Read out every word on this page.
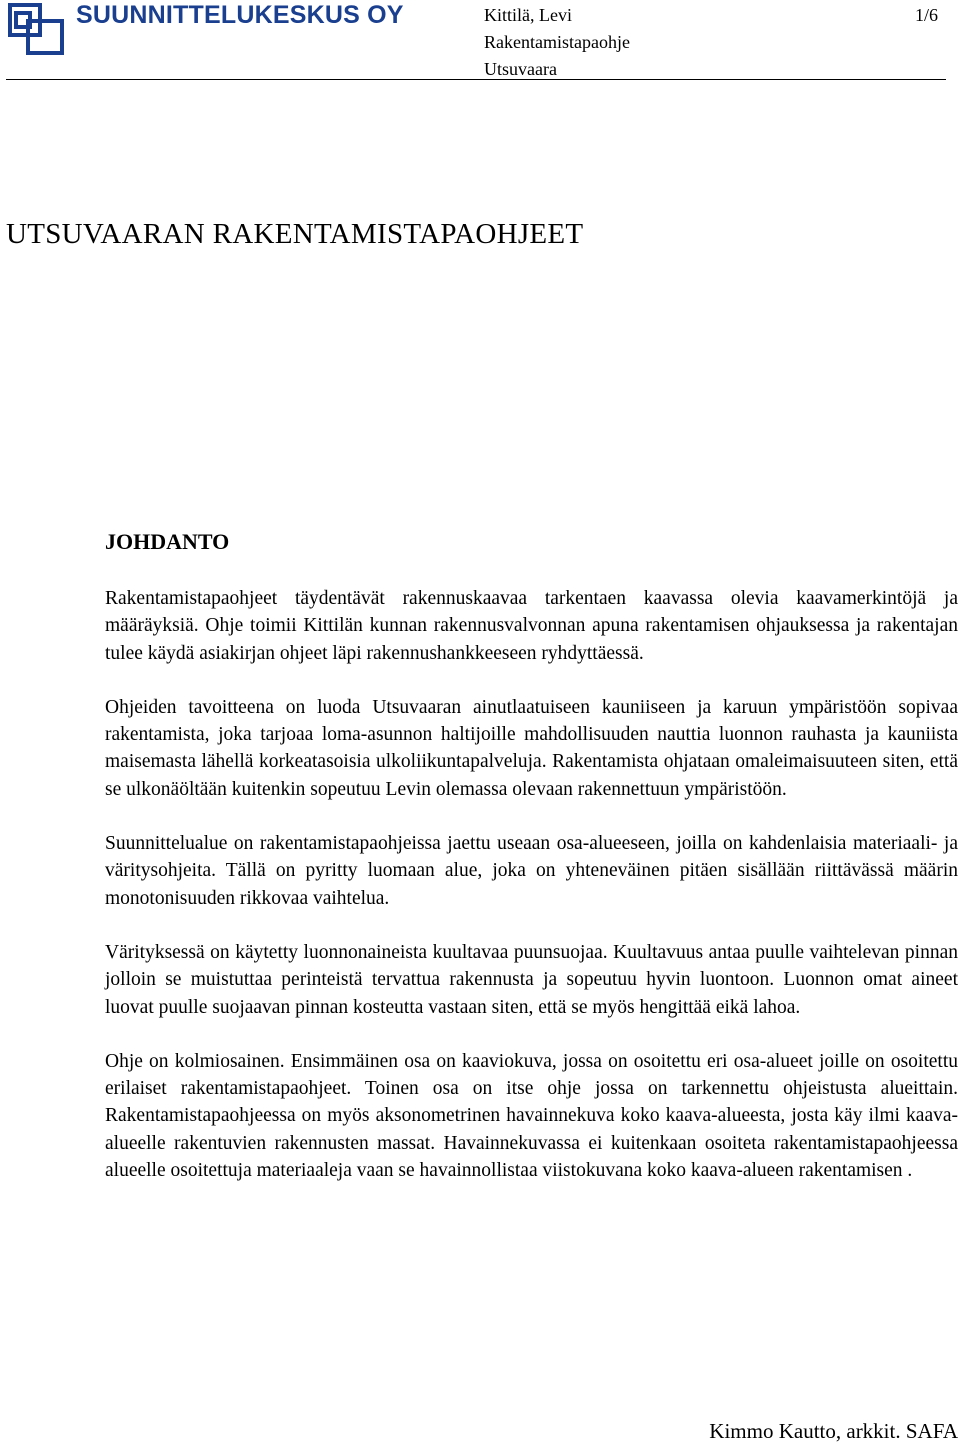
SUUNNITTELUKESKUS OY	Kittilä, Levi
Rakentamistapaohje
Utsuvaara
1/6
UTSUVAARAN RAKENTAMISTAPAOHJEET
JOHDANTO

Rakentamistapaohjeet täydentävät rakennuskaavaa tarkentaen kaavassa olevia kaavamerkintöjä ja määräyksiä. Ohje toimii Kittilän kunnan rakennusvalvonnan apuna rakentamisen ohjauksessa ja rakentajan tulee käydä asiakirjan ohjeet läpi rakennushankkeeseen ryhdyttäessä.

Ohjeiden tavoitteena on luoda Utsuvaaran ainutlaatuiseen kauniiseen ja karuun ympäristöön sopivaa rakentamista, joka tarjoaa loma-asunnon haltijoille mahdollisuuden nauttia luonnon rauhasta ja kauniista maisemasta lähellä korkeatasoisia ulkoliikuntapalveluja. Rakentamista ohjataan omaleimaisuuteen siten, että se ulkonäöltään kuitenkin sopeutuu Levin olemassa olevaan rakennettuun ympäristöön.

Suunnittelualue on rakentamistapaohjeissa jaettu useaan osa-alueeseen, joilla on kahdenlaisia materiaali- ja väritysohjeita. Tällä on pyritty luomaan alue, joka on yhteneväinen pitäen sisällään riittävässä määrin monotonisuuden rikkovaa vaihtelua.

Värityksessä on käytetty luonnonaineista kuultavaa puunsuojaa. Kuultavuus antaa puulle vaihtelevan pinnan jolloin se muistuttaa perinteistä tervattua rakennusta ja sopeutuu hyvin luontoon. Luonnon omat aineet luovat puulle suojaavan pinnan kosteutta vastaan siten, että se myös hengittää eikä lahoa.

Ohje on kolmiosainen. Ensimmäinen osa on kaaviokuva, jossa on osoitettu eri osa-alueet joille on osoitettu erilaiset rakentamistapaohjeet. Toinen osa on itse ohje jossa on tarkennettu ohjeistusta alueittain. Rakentamistapaohjeessa on myös aksonometrinen havainnekuva koko kaava-alueesta, josta käy ilmi kaava-alueelle rakentuvien rakennusten massat. Havainnekuvassa ei kuitenkaan osoiteta rakentamistapaohjeessa alueelle osoitettuja materiaaleja vaan se havainnollistaa viistokuvana koko kaava-alueen rakentamisen .

Kimmo Kautto, arkkit. SAFA
